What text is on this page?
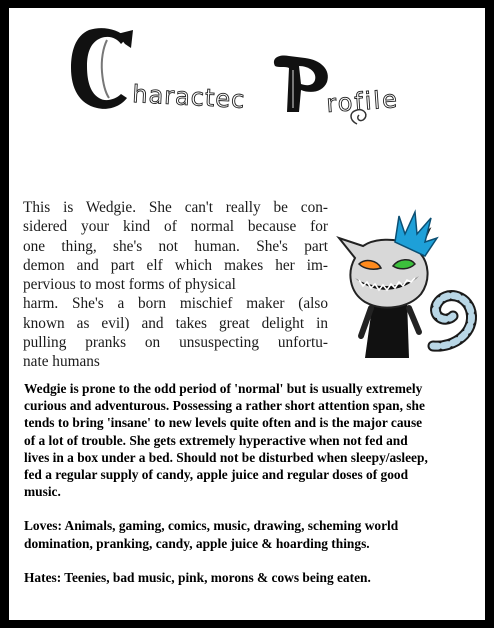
haractec	rofile
This is Wedgie. She can't really be con-
sidered your kind of normal because for
one thing, she's not human. She's part
demon and part elf which makes her im-
pervious to most forms of physical
harm. She's a born mischief maker (also
known as evil) and takes great delight in
pulling pranks on unsuspecting unfortu-
nate humans

Wedgie is prone to the odd period of 'normal' but is usually extremely
curious and adventurous. Possessing a rather short attention span, she
tends to bring 'insane' to new levels quite often and is the major cause
of a lot of trouble. She gets extremely hyperactive when not fed and
lives in a box under a bed. Should not be disturbed when sleepy/asleep,
fed a regular supply of candy, apple juice and regular doses of good
music.

Loves: Animals, gaming, comics, music, drawing, scheming world
domination, pranking, candy, apple juice & hoarding things.

Hates: Teenies, bad music, pink, morons & cows being eaten.
